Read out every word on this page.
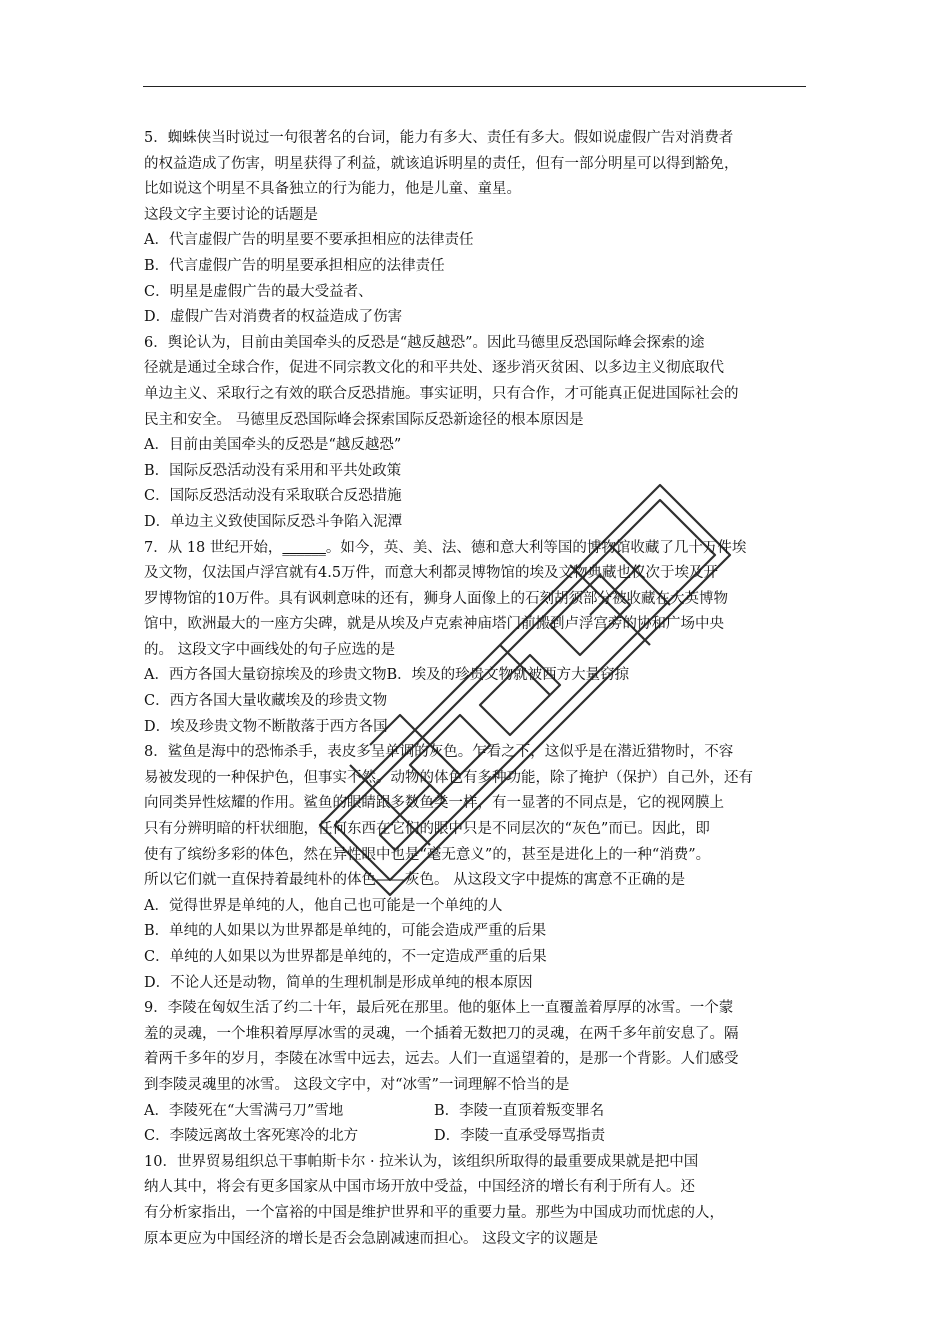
5．蜘蛛侠当时说过一句很著名的台词，能力有多大、责任有多大。假如说虚假广告对消费者
的权益造成了伤害，明星获得了利益，就该追诉明星的责任，但有一部分明星可以得到豁免，
比如说这个明星不具备独立的行为能力，他是儿童、童星。
这段文字主要讨论的话题是
A．代言虚假广告的明星要不要承担相应的法律责任
B．代言虚假广告的明星要承担相应的法律责任
C．明星是虚假广告的最大受益者、
D．虚假广告对消费者的权益造成了伤害
6．舆论认为，目前由美国牵头的反恐是“越反越恐”。因此马德里反恐国际峰会探索的途
径就是通过全球合作，促进不同宗教文化的和平共处、逐步消灭贫困、以多边主义彻底取代
单边主义、采取行之有效的联合反恐措施。事实证明，只有合作，才可能真正促进国际社会的
民主和安全。 马德里反恐国际峰会探索国际反恐新途径的根本原因是
A．目前由美国牵头的反恐是“越反越恐”
B．国际反恐活动没有采用和平共处政策
C．国际反恐活动没有采取联合反恐措施
D．单边主义致使国际反恐斗争陷入泥潭
7．从 18 世纪开始，______。如今，英、美、法、德和意大利等国的博物馆收藏了几十万件埃
及文物，仅法国卢浮宫就有4.5万件，而意大利都灵博物馆的埃及文物典藏也仅次于埃及开
罗博物馆的10万件。具有讽刺意味的还有，狮身人面像上的石刻胡须部分被收藏在大英博物
馆中，欧洲最大的一座方尖碑，就是从埃及卢克索神庙塔门前搬到卢浮宫旁的协和广场中央
的。 这段文字中画线处的句子应选的是
A．西方各国大量窃掠埃及的珍贵文物B．埃及的珍贵文物就被西方大量窃掠
C．西方各国大量收藏埃及的珍贵文物
D．埃及珍贵文物不断散落于西方各国
8．鲨鱼是海中的恐怖杀手，表皮多呈单调的灰色。乍看之下，这似乎是在潜近猎物时，不容
易被发现的一种保护色，但事实不然。动物的体色有多种功能，除了掩护（保护）自己外，还有
向同类异性炫耀的作用。鲨鱼的眼睛跟多数鱼类一样，有一显著的不同点是，它的视网膜上
只有分辨明暗的杆状细胞，任何东西在它们的眼中只是不同层次的“灰色”而已。因此，即
使有了缤纷多彩的体色，然在异性眼中也是“毫无意义”的，甚至是进化上的一种“消费”。
所以它们就一直保持着最纯朴的体色——灰色。 从这段文字中提炼的寓意不正确的是
A．觉得世界是单纯的人，他自己也可能是一个单纯的人
B．单纯的人如果以为世界都是单纯的，可能会造成严重的后果
C．单纯的人如果以为世界都是单纯的，不一定造成严重的后果
D．不论人还是动物，简单的生理机制是形成单纯的根本原因
9．李陵在匈奴生活了约二十年，最后死在那里。他的躯体上一直覆盖着厚厚的冰雪。一个蒙
羞的灵魂，一个堆积着厚厚冰雪的灵魂，一个插着无数把刀的灵魂，在两千多年前安息了。隔
着两千多年的岁月，李陵在冰雪中远去，远去。人们一直遥望着的，是那一个背影。人们感受
到李陵灵魂里的冰雪。 这段文字中，对“冰雪”一词理解不恰当的是
A．李陵死在“大雪满弓刀”雪地	B．李陵一直顶着叛变罪名
C．李陵远离故土客死寒冷的北方	D．李陵一直承受辱骂指责
10．世界贸易组织总干事帕斯卡尔 · 拉米认为，该组织所取得的最重要成果就是把中国
纳人其中，将会有更多国家从中国市场开放中受益，中国经济的增长有利于所有人。还
有分析家指出，一个富裕的中国是维护世界和平的重要力量。那些为中国成功而忧虑的人，
原本更应为中国经济的增长是否会急剧减速而担心。 这段文字的议题是
引以为fx
